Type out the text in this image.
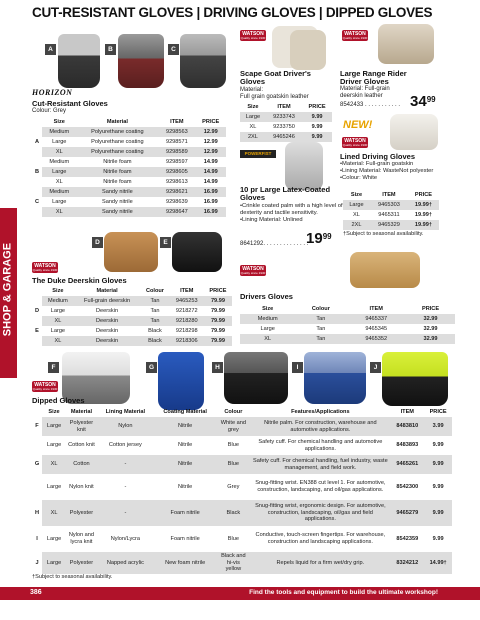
CUT-RESISTANT GLOVES | DRIVING GLOVES | DIPPED GLOVES
SHOP & GARAGE
A	B	C
HORIZON
Cut-Resistant Gloves
Colour: Grey
	Size	Material	ITEM	PRICE
	Medium	Polyurethane coating	9298563	12.99
A	Large	Polyurethane coating	9298571	12.99
	XL	Polyurethane coating	9298589	12.99
	Medium	Nitrile foam	9298597	14.99
B	Large	Nitrile foam	9298605	14.99
	XL	Nitrile foam	9298613	14.99
	Medium	Sandy nitrile	9298621	16.99
C	Large	Sandy nitrile	9298639	16.99
	XL	Sandy nitrile	9298647	16.99
WATSON
Quality since 1930
Scape Goat Driver's Gloves
Material:
Full grain goatskin leather
Size	ITEM	PRICE
Large	9233743	9.99
XL	9233750	9.99
2XL	9465246	9.99
POWERFIST
10 pr Large Latex-Coated Gloves
•Crinkle coated palm with a high level of dexterity and tactile sensitivity.
•Lining Material: Unlined
8641292. . . . . . . . . . . . . .
$19^{99}$
WATSON
Quality since 1930
Large Range Rider Driver Gloves
Material: Full-grain deerskin leather
8542433 . . . . . . . . . . . $34^{99}$
NEW!
WATSON
Quality since 1930
Lined Driving Gloves
•Material: Full-grain goatskin
•Lining Material: WasteNot polyester
•Colour: White
Size	ITEM	PRICE
Large	9465303	19.99†
XL	9465311	19.99†
2XL	9465329	19.99†
†Subject to seasonal availability.
D	E
WATSON
Quality since 1930
The Duke Deerskin Gloves
	Size	Material	Colour	ITEM	PRICE
	Medium	Full-grain deerskin	Tan	9465253	79.99
D	Large	Deerskin	Tan	9218272	79.99
	XL	Deerskin	Tan	9218280	79.99
E	Large	Deerskin	Black	9218298	79.99
	XL	Deerskin	Black	9218306	79.99
WATSON
Quality since 1930
Drivers Gloves
Size	Colour	ITEM	PRICE
Medium	Tan	9465337	32.99
Large	Tan	9465345	32.99
XL	Tan	9465352	32.99
F	G	H	I	J
WATSON
Quality since 1930
Dipped Gloves
	Size	Material	Lining Material	Coating Material	Colour	Features/Applications	ITEM	PRICE
F	Large	Polyester knit	Nylon	Nitrile	White and grey	Nitrile palm. For construction, warehouse and automotive applications.	8483810	3.99
	Large	Cotton knit	Cotton jersey	Nitrile	Blue	Safety cuff. For chemical handling and automotive applications.	8483893	9.99
G	XL	Cotton	-	Nitrile	Blue	Safety cuff. For chemical handling, fuel industry, waste management, and field work.	9465261	9.99
	Large	Nylon knit	-	Nitrile	Grey	Snug-fitting wrist. EN388 cut level 1. For automotive, construction, landscaping, and oil/gas applications.	8542300	9.99
H	XL	Polyester	-	Foam nitrile	Black	Snug-fitting wrist, ergonomic design. For automotive, construction, landscaping, oil/gas and field applications.	9465279	9.99
I	Large	Nylon and lycra knit	Nylon/Lycra	Foam nitrile	Blue	Conductive, touch-screen fingertips. For warehouse, construction and landscaping applications.	8542359	9.99
J	Large	Polyester	Napped acrylic	New foam nitrile	Black and hi-vis yellow	Repels liquid for a firm wet/dry grip.	8324212	14.99†
†Subject to seasonal availability.
386	Find the tools and equipment to build the ultimate workshop!
